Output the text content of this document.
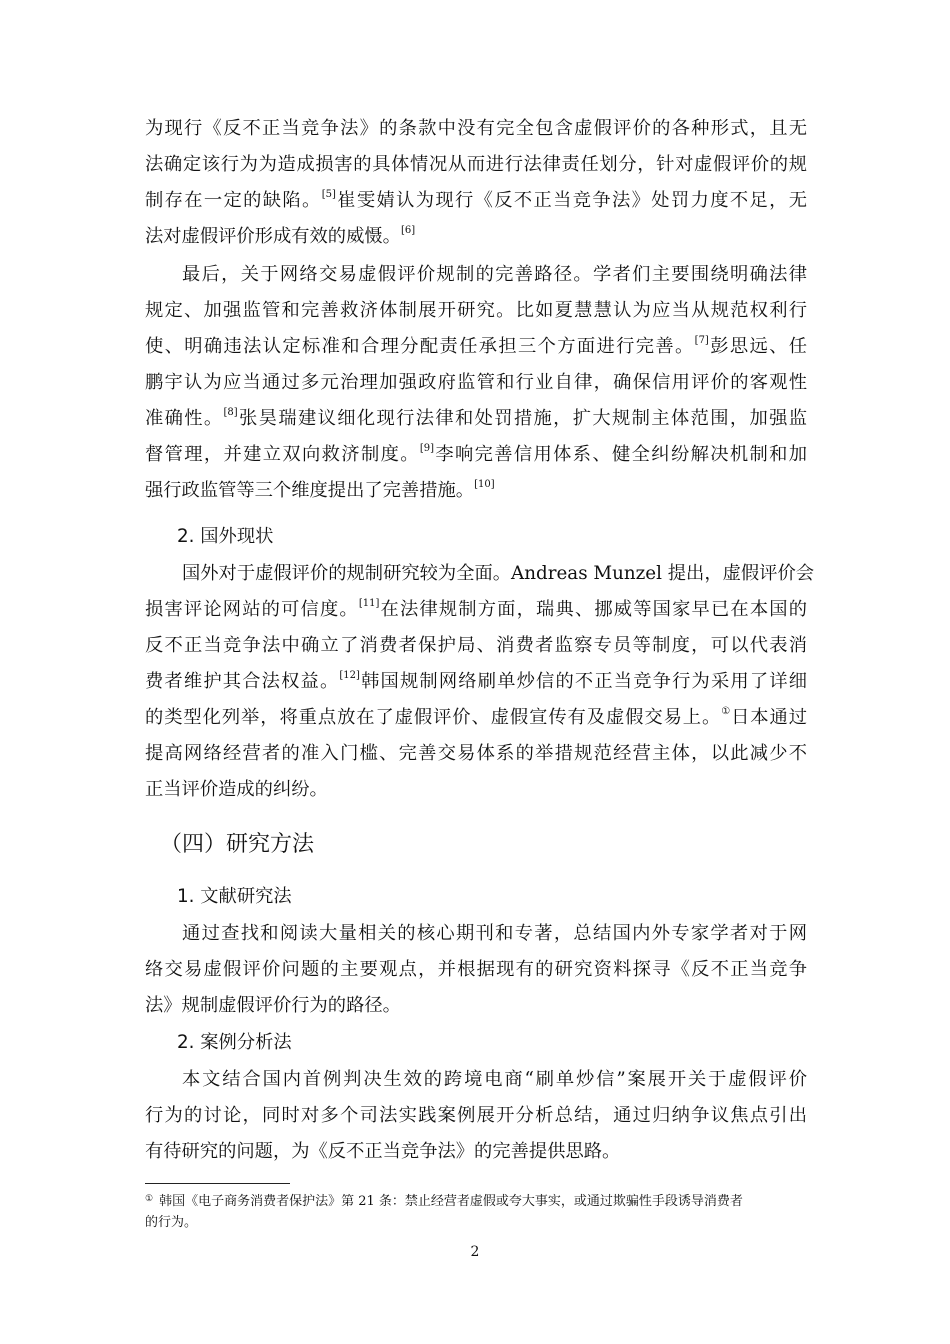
为现行《反不正当竞争法》的条款中没有完全包含虚假评价的各种形式，且无
法确定该行为为造成损害的具体情况从而进行法律责任划分，针对虚假评价的规
制存在一定的缺陷。[5]崔雯婧认为现行《反不正当竞争法》处罚力度不足，无
法对虚假评价形成有效的威慑。[6]
最后，关于网络交易虚假评价规制的完善路径。学者们主要围绕明确法律
规定、加强监管和完善救济体制展开研究。比如夏慧慧认为应当从规范权利行
使、明确违法认定标准和合理分配责任承担三个方面进行完善。[7]彭思远、任
鹏宇认为应当通过多元治理加强政府监管和行业自律，确保信用评价的客观性
准确性。[8]张昊瑞建议细化现行法律和处罚措施，扩大规制主体范围，加强监
督管理，并建立双向救济制度。[9]李响完善信用体系、健全纠纷解决机制和加
强行政监管等三个维度提出了完善措施。[10]
2. 国外现状
国外对于虚假评价的规制研究较为全面。Andreas Munzel 提出，虚假评价会
损害评论网站的可信度。[11]在法律规制方面，瑞典、挪威等国家早已在本国的
反不正当竞争法中确立了消费者保护局、消费者监察专员等制度，可以代表消
费者维护其合法权益。[12]韩国规制网络刷单炒信的不正当竞争行为采用了详细
的类型化列举，将重点放在了虚假评价、虚假宣传有及虚假交易上。①日本通过
提高网络经营者的准入门槛、完善交易体系的举措规范经营主体，以此减少不
正当评价造成的纠纷。
（四）研究方法
1. 文献研究法
通过查找和阅读大量相关的核心期刊和专著，总结国内外专家学者对于网
络交易虚假评价问题的主要观点，并根据现有的研究资料探寻《反不正当竞争
法》规制虚假评价行为的路径。
2. 案例分析法
本文结合国内首例判决生效的跨境电商“刷单炒信”案展开关于虚假评价
行为的讨论，同时对多个司法实践案例展开分析总结，通过归纳争议焦点引出
有待研究的问题，为《反不正当竞争法》的完善提供思路。
① 韩国《电子商务消费者保护法》第 21 条：禁止经营者虚假或夸大事实，或通过欺骗性手段诱导消费者
的行为。
2
